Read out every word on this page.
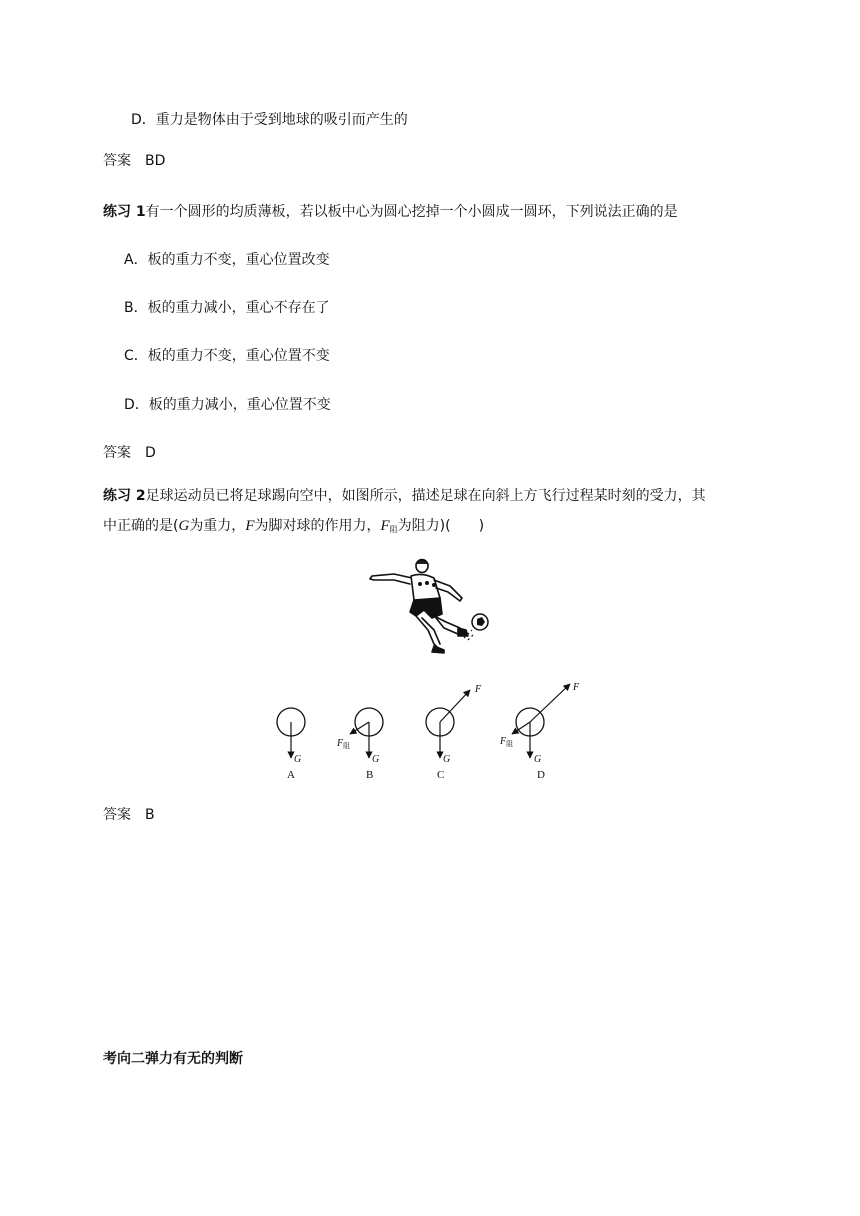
D．重力是物体由于受到地球的吸引而产生的
答案 BD
练习 1有一个圆形的均质薄板，若以板中心为圆心挖掉一个小圆成一圆环，下列说法正确的是
A．板的重力不变，重心位置改变
B．板的重力减小，重心不存在了
C．板的重力不变，重心位置不变
D．板的重力减小，重心位置不变
答案 D
练习 2足球运动员已将足球踢向空中，如图所示，描述足球在向斜上方飞行过程某时刻的受力，其
中正确的是(G为重力，F为脚对球的作用力，$F_阻$为阻力)(　　)
G
A
$F_阻$
G
B
F
G
C
F
$F_阻$
G
D
答案 B
考向二弹力有无的判断
